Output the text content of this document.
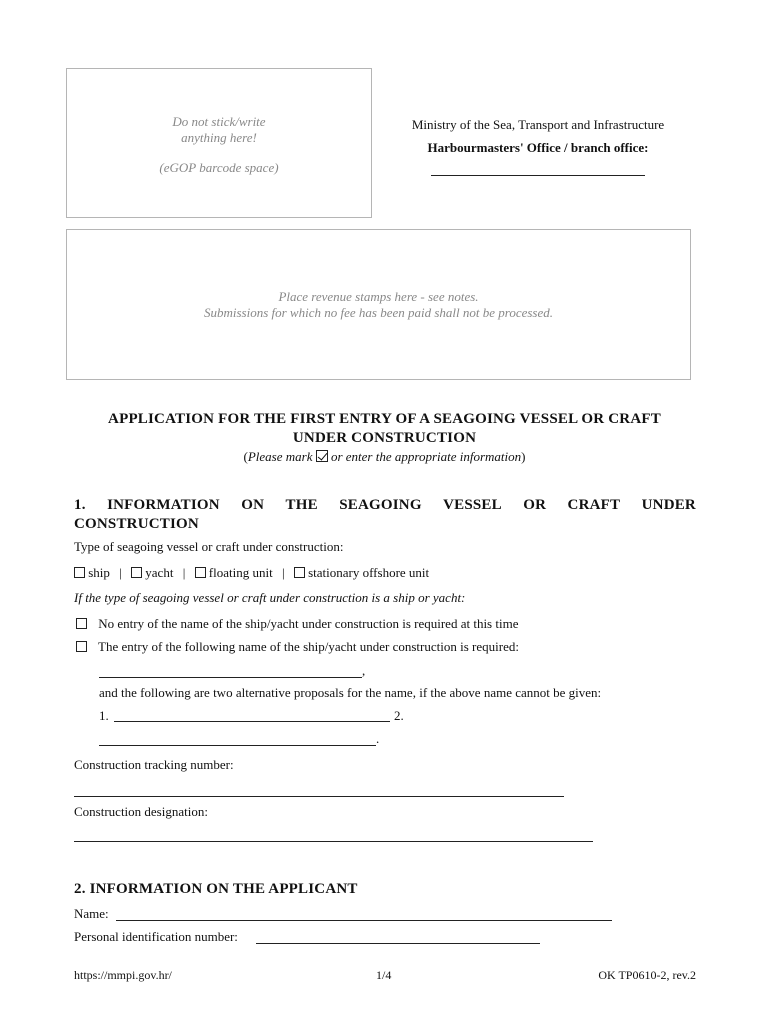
Do not stick/write
anything here!
(eGOP barcode space)
Ministry of the Sea, Transport and Infrastructure
Harbourmasters' Office / branch office:
Place revenue stamps here - see notes.
Submissions for which no fee has been paid shall not be processed.
APPLICATION FOR THE FIRST ENTRY OF A SEAGOING VESSEL OR CRAFT
UNDER CONSTRUCTION
(Please mark or enter the appropriate information)
1. INFORMATION ON THE SEAGOING VESSEL OR CRAFT UNDER
CONSTRUCTION
Type of seagoing vessel or craft under construction:
ship | yacht | floating unit | stationary offshore unit
If the type of seagoing vessel or craft under construction is a ship or yacht:
No entry of the name of the ship/yacht under construction is required at this time
The entry of the following name of the ship/yacht under construction is required:
,
and the following are two alternative proposals for the name, if the above name cannot be given:
1.	2.
.
Construction tracking number:
Construction designation:
2. INFORMATION ON THE APPLICANT
Name:
Personal identification number:
https://mmpi.gov.hr/	1/4	OK TP0610-2, rev.2
